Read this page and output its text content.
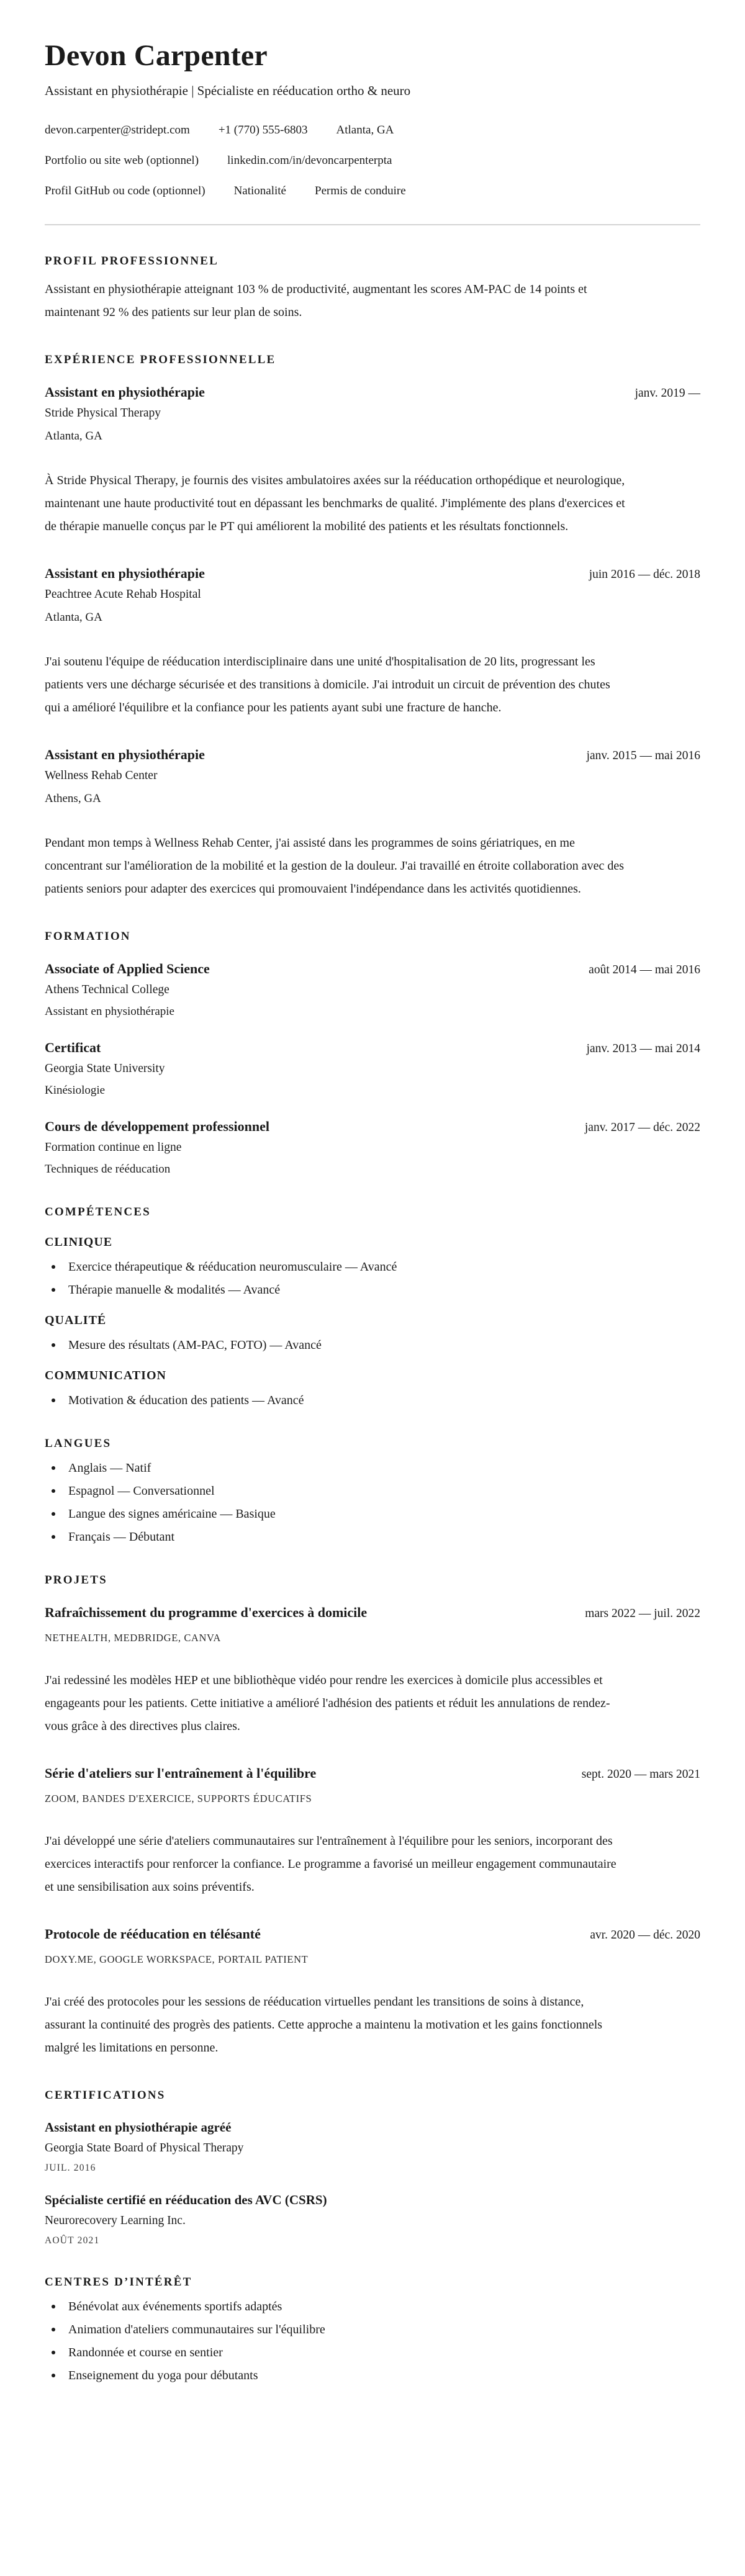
Devon Carpenter
Assistant en physiothérapie | Spécialiste en rééducation ortho & neuro
devon.carpenter@stridept.com +1 (770) 555-6803 Atlanta, GA
Portfolio ou site web (optionnel) linkedin.com/in/devoncarpenterpta
Profil GitHub ou code (optionnel) Nationalité Permis de conduire
PROFIL PROFESSIONNEL

Assistant en physiothérapie atteignant 103 % de productivité, augmentant les scores AM-PAC de 14 points et maintenant 92 % des patients sur leur plan de soins.

EXPÉRIENCE PROFESSIONNELLE
Assistant en physiothérapie	janv. 2019 —
Stride Physical Therapy
Atlanta, GA

À Stride Physical Therapy, je fournis des visites ambulatoires axées sur la rééducation orthopédique et neurologique, maintenant une haute productivité tout en dépassant les benchmarks de qualité. J'implémente des plans d'exercices et de thérapie manuelle conçus par le PT qui améliorent la mobilité des patients et les résultats fonctionnels.

Assistant en physiothérapie	juin 2016 — déc. 2018
Peachtree Acute Rehab Hospital
Atlanta, GA

J'ai soutenu l'équipe de rééducation interdisciplinaire dans une unité d'hospitalisation de 20 lits, progressant les patients vers une décharge sécurisée et des transitions à domicile. J'ai introduit un circuit de prévention des chutes qui a amélioré l'équilibre et la confiance pour les patients ayant subi une fracture de hanche.

Assistant en physiothérapie	janv. 2015 — mai 2016
Wellness Rehab Center
Athens, GA

Pendant mon temps à Wellness Rehab Center, j'ai assisté dans les programmes de soins gériatriques, en me concentrant sur l'amélioration de la mobilité et la gestion de la douleur. J'ai travaillé en étroite collaboration avec des patients seniors pour adapter des exercices qui promouvaient l'indépendance dans les activités quotidiennes.

FORMATION
Associate of Applied Science	août 2014 — mai 2016
Athens Technical College
Assistant en physiothérapie
Certificat	janv. 2013 — mai 2014
Georgia State University
Kinésiologie
Cours de développement professionnel	janv. 2017 — déc. 2022
Formation continue en ligne
Techniques de rééducation
COMPÉTENCES
CLINIQUE
Exercice thérapeutique & rééducation neuromusculaire — Avancé
Thérapie manuelle & modalités — Avancé
QUALITÉ
Mesure des résultats (AM-PAC, FOTO) — Avancé
COMMUNICATION
Motivation & éducation des patients — Avancé
LANGUES
Anglais — Natif
Espagnol — Conversationnel
Langue des signes américaine — Basique
Français — Débutant
PROJETS
Rafraîchissement du programme d'exercices à domicile	mars 2022 — juil. 2022
NETHEALTH, MEDBRIDGE, CANVA

J'ai redessiné les modèles HEP et une bibliothèque vidéo pour rendre les exercices à domicile plus accessibles et engageants pour les patients. Cette initiative a amélioré l'adhésion des patients et réduit les annulations de rendez-vous grâce à des directives plus claires.

Série d'ateliers sur l'entraînement à l'équilibre	sept. 2020 — mars 2021
ZOOM, BANDES D'EXERCICE, SUPPORTS ÉDUCATIFS

J'ai développé une série d'ateliers communautaires sur l'entraînement à l'équilibre pour les seniors, incorporant des exercices interactifs pour renforcer la confiance. Le programme a favorisé un meilleur engagement communautaire et une sensibilisation aux soins préventifs.

Protocole de rééducation en télésanté	avr. 2020 — déc. 2020
DOXY.ME, GOOGLE WORKSPACE, PORTAIL PATIENT

J'ai créé des protocoles pour les sessions de rééducation virtuelles pendant les transitions de soins à distance, assurant la continuité des progrès des patients. Cette approche a maintenu la motivation et les gains fonctionnels malgré les limitations en personne.

CERTIFICATIONS
Assistant en physiothérapie agréé
Georgia State Board of Physical Therapy
JUIL. 2016
Spécialiste certifié en rééducation des AVC (CSRS)
Neurorecovery Learning Inc.
AOÛT 2021
CENTRES D’INTÉRÊT
Bénévolat aux événements sportifs adaptés
Animation d'ateliers communautaires sur l'équilibre
Randonnée et course en sentier
Enseignement du yoga pour débutants
